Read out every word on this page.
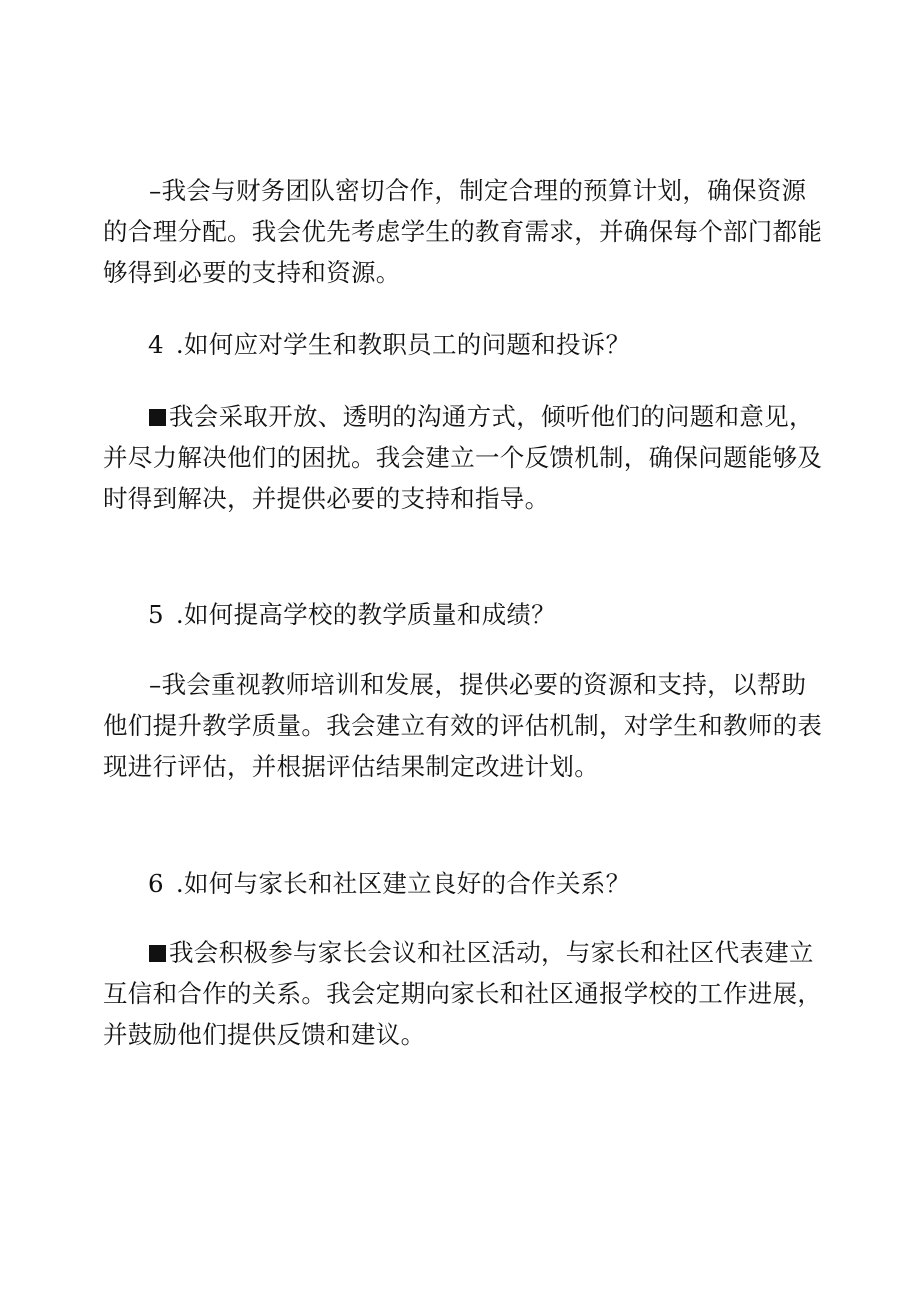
–我会与财务团队密切合作，制定合理的预算计划，确保资源的合理分配。我会优先考虑学生的教育需求，并确保每个部门都能够得到必要的支持和资源。

4 .如何应对学生和教职员工的问题和投诉？

我会采取开放、透明的沟通方式，倾听他们的问题和意见，并尽力解决他们的困扰。我会建立一个反馈机制，确保问题能够及时得到解决，并提供必要的支持和指导。

5 .如何提高学校的教学质量和成绩？

–我会重视教师培训和发展，提供必要的资源和支持，以帮助他们提升教学质量。我会建立有效的评估机制，对学生和教师的表现进行评估，并根据评估结果制定改进计划。

6 .如何与家长和社区建立良好的合作关系？

我会积极参与家长会议和社区活动，与家长和社区代表建立互信和合作的关系。我会定期向家长和社区通报学校的工作进展，并鼓励他们提供反馈和建议。
